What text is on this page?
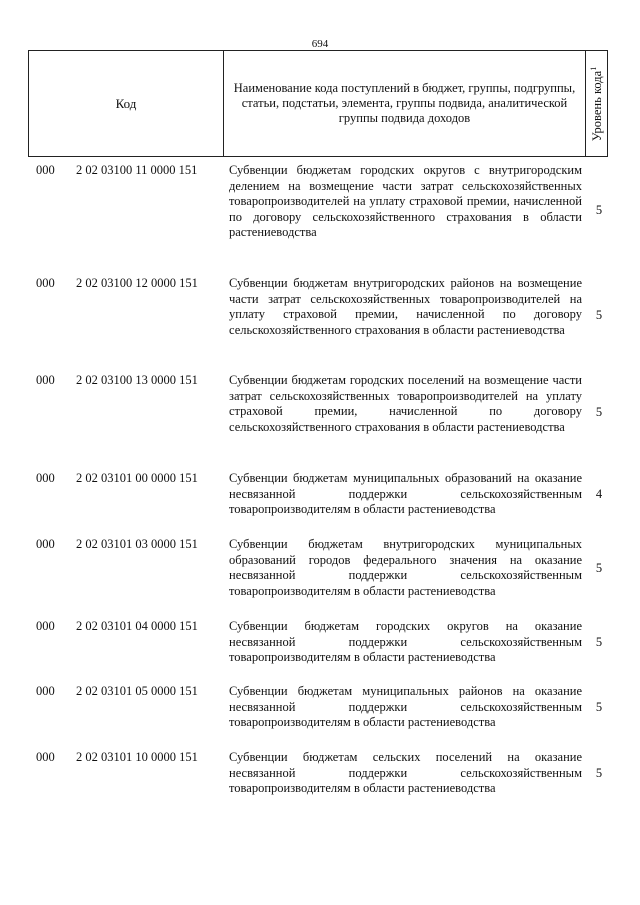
694
Код
Наименование кода поступлений в бюджет, группы, подгруппы, статьи, подстатьи, элемента, группы подвида, аналитической группы подвида доходов	Уровень кода$^1$
000 2 02 03100 11 0000 151	Субвенции бюджетам городских округов с внутригородским делением на возмещение части затрат сельскохозяйственных товаропроизводителей на уплату страховой премии, начисленной по договору сельскохозяйственного страхования в области растениеводства
5
000 2 02 03100 12 0000 151 Субвенции бюджетам внутригородских районов на возмещение части затрат сельскохозяйственных товаропроизводителей на уплату страховой премии, начисленной по договору сельскохозяйственного страхования в области растениеводства
5
000 2 02 03100 13 0000 151 Субвенции бюджетам городских поселений на возмещение части затрат сельскохозяйственных товаропроизводителей на уплату страховой премии, начисленной по договору сельскохозяйственного страхования в области растениеводства
5
000 2 02 03101 00 0000 151 Субвенции бюджетам муниципальных образований на оказание несвязанной поддержки сельскохозяйственным товаропроизводителям в области растениеводства
4
000 2 02 03101 03 0000 151 Субвенции бюджетам внутригородских муниципальных образований городов федерального значения на оказание несвязанной поддержки сельскохозяйственным товаропроизводителям в области растениеводства
5
000 2 02 03101 04 0000 151 Субвенции бюджетам городских округов на оказание несвязанной поддержки сельскохозяйственным товаропроизводителям в области растениеводства
5
000 2 02 03101 05 0000 151 Субвенции бюджетам муниципальных районов на оказание несвязанной поддержки сельскохозяйственным товаропроизводителям в области растениеводства
5
000 2 02 03101 10 0000 151 Субвенции бюджетам сельских поселений на оказание несвязанной поддержки сельскохозяйственным товаропроизводителям в области растениеводства
5
